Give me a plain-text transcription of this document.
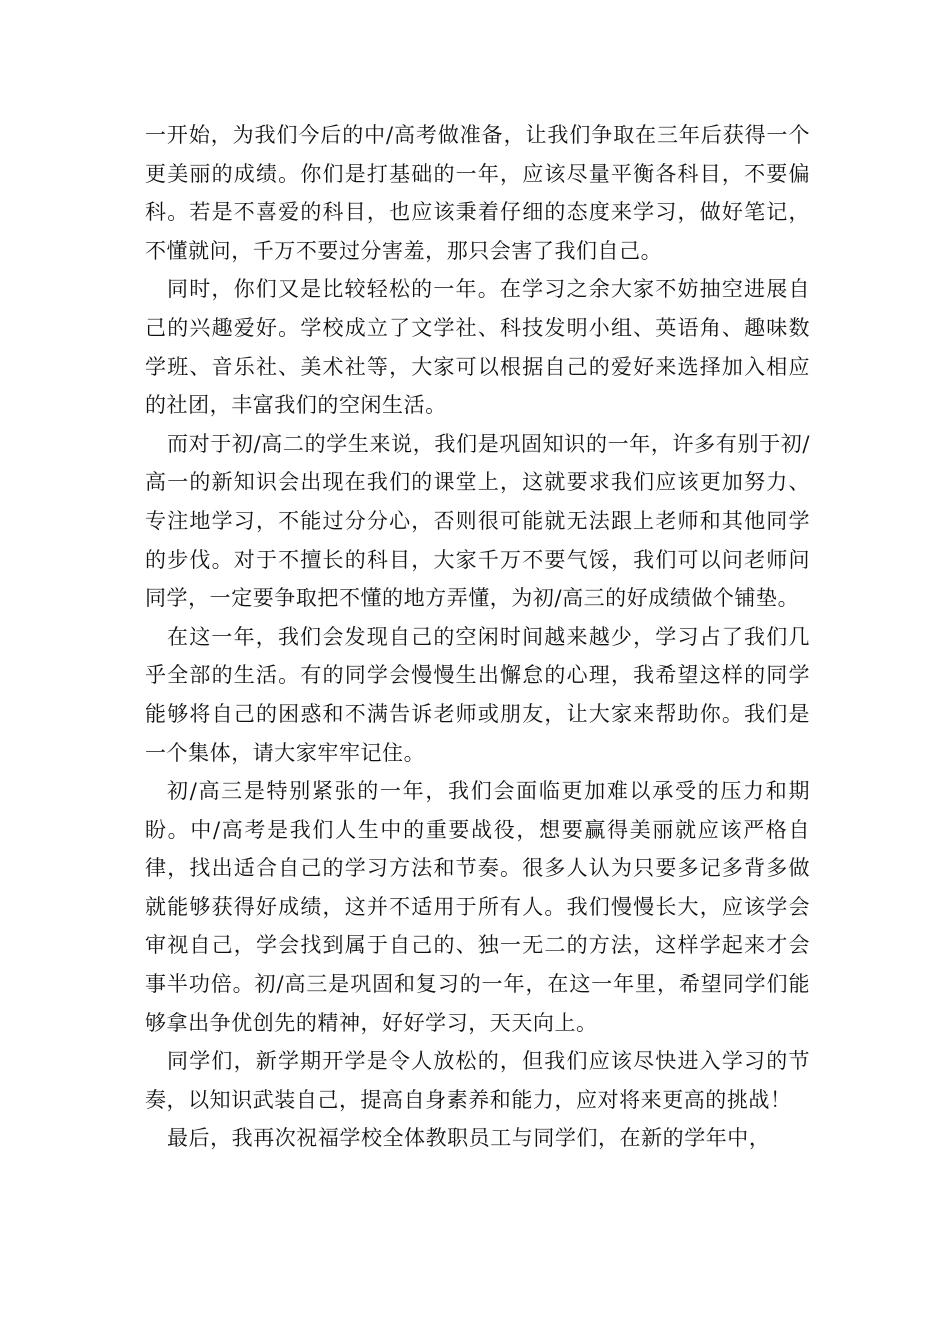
一开始，为我们今后的中/高考做准备，让我们争取在三年后获得一个更美丽的成绩。你们是打基础的一年，应该尽量平衡各科目，不要偏科。若是不喜爱的科目，也应该秉着仔细的态度来学习，做好笔记，不懂就问，千万不要过分害羞，那只会害了我们自己。

同时，你们又是比较轻松的一年。在学习之余大家不妨抽空进展自己的兴趣爱好。学校成立了文学社、科技发明小组、英语角、趣味数学班、音乐社、美术社等，大家可以根据自己的爱好来选择加入相应的社团，丰富我们的空闲生活。

而对于初/高二的学生来说，我们是巩固知识的一年，许多有别于初/高一的新知识会出现在我们的课堂上，这就要求我们应该更加努力、专注地学习，不能过分分心，否则很可能就无法跟上老师和其他同学的步伐。对于不擅长的科目，大家千万不要气馁，我们可以问老师问同学，一定要争取把不懂的地方弄懂，为初/高三的好成绩做个铺垫。

在这一年，我们会发现自己的空闲时间越来越少，学习占了我们几乎全部的生活。有的同学会慢慢生出懈怠的心理，我希望这样的同学能够将自己的困惑和不满告诉老师或朋友，让大家来帮助你。我们是一个集体，请大家牢牢记住。

初/高三是特别紧张的一年，我们会面临更加难以承受的压力和期盼。中/高考是我们人生中的重要战役，想要赢得美丽就应该严格自律，找出适合自己的学习方法和节奏。很多人认为只要多记多背多做就能够获得好成绩，这并不适用于所有人。我们慢慢长大，应该学会审视自己，学会找到属于自己的、独一无二的方法，这样学起来才会事半功倍。初/高三是巩固和复习的一年，在这一年里，希望同学们能够拿出争优创先的精神，好好学习，天天向上。

同学们，新学期开学是令人放松的，但我们应该尽快进入学习的节奏，以知识武装自己，提高自身素养和能力，应对将来更高的挑战！

最后，我再次祝福学校全体教职员工与同学们，在新的学年中，
